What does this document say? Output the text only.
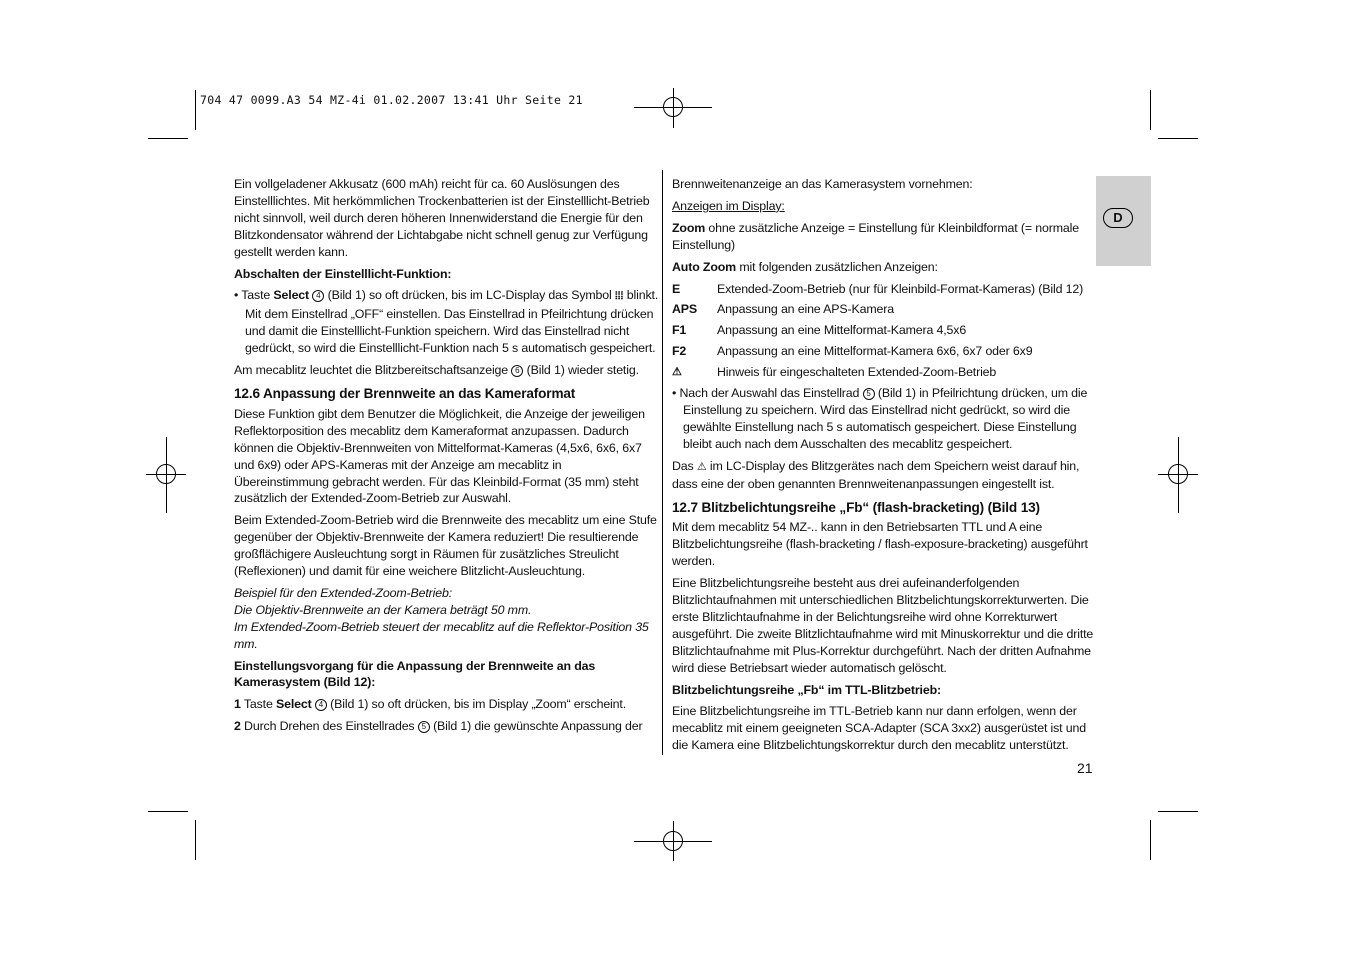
704 47 0099.A3 54 MZ-4i 01.02.2007 13:41 Uhr Seite 21
D

Ein vollgeladener Akkusatz (600 mAh) reicht für ca. 60 Auslösungen des Einstelllichtes. Mit herkömmlichen Trockenbatterien ist der Einstelllicht-Betrieb nicht sinnvoll, weil durch deren höheren Innenwiderstand die Energie für den Blitzkondensator während der Lichtabgabe nicht schnell genug zur Verfügung gestellt werden kann.

Abschalten der Einstelllicht-Funktion:

• Taste Select 4 (Bild 1) so oft drücken, bis im LC-Display das Symbol ⵂⵂⵂ blinkt. Mit dem Einstellrad „OFF“ einstellen. Das Einstellrad in Pfeilrichtung drücken und damit die Einstelllicht-Funktion speichern. Wird das Einstellrad nicht gedrückt, so wird die Einstelllicht-Funktion nach 5 s automatisch gespeichert.

Am mecablitz leuchtet die Blitzbereitschaftsanzeige 6 (Bild 1) wieder stetig.

12.6 Anpassung der Brennweite an das Kameraformat

Diese Funktion gibt dem Benutzer die Möglichkeit, die Anzeige der jeweiligen Reflektorposition des mecablitz dem Kameraformat anzupassen. Dadurch können die Objektiv-Brennweiten von Mittelformat-Kameras (4,5x6, 6x6, 6x7 und 6x9) oder APS-Kameras mit der Anzeige am mecablitz in Übereinstimmung gebracht werden. Für das Kleinbild-Format (35 mm) steht zusätzlich der Extended-Zoom-Betrieb zur Auswahl.

Beim Extended-Zoom-Betrieb wird die Brennweite des mecablitz um eine Stufe gegenüber der Objektiv-Brennweite der Kamera reduziert! Die resultierende großflächigere Ausleuchtung sorgt in Räumen für zusätzliches Streulicht (Reflexionen) und damit für eine weichere Blitzlicht-Ausleuchtung.

Beispiel für den Extended-Zoom-Betrieb:
Die Objektiv-Brennweite an der Kamera beträgt 50 mm.
Im Extended-Zoom-Betrieb steuert der mecablitz auf die Reflektor-Position 35 mm.

Einstellungsvorgang für die Anpassung der Brennweite an das Kamerasystem (Bild 12):

1 Taste Select 4 (Bild 1) so oft drücken, bis im Display „Zoom“ erscheint.

2 Durch Drehen des Einstellrades 5 (Bild 1) die gewünschte Anpassung der

Brennweitenanzeige an das Kamerasystem vornehmen:

Anzeigen im Display:

Zoom ohne zusätzliche Anzeige = Einstellung für Kleinbildformat (= normale Einstellung)

Auto Zoom mit folgenden zusätzlichen Anzeigen:

E	Extended-Zoom-Betrieb (nur für Kleinbild-Format-Kameras) (Bild 12)
APS	Anpassung an eine APS-Kamera
F1	Anpassung an eine Mittelformat-Kamera 4,5x6
F2	Anpassung an eine Mittelformat-Kamera 6x6, 6x7 oder 6x9
⚠	Hinweis für eingeschalteten Extended-Zoom-Betrieb

• Nach der Auswahl das Einstellrad 5 (Bild 1) in Pfeilrichtung drücken, um die Einstellung zu speichern. Wird das Einstellrad nicht gedrückt, so wird die gewählte Einstellung nach 5 s automatisch gespeichert. Diese Einstellung bleibt auch nach dem Ausschalten des mecablitz gespeichert.

Das ⚠ im LC-Display des Blitzgerätes nach dem Speichern weist darauf hin, dass eine der oben genannten Brennweitenanpassungen eingestellt ist.

12.7 Blitzbelichtungsreihe „Fb“ (flash-bracketing) (Bild 13)

Mit dem mecablitz 54 MZ-.. kann in den Betriebsarten TTL und A eine Blitzbelichtungsreihe (flash-bracketing / flash-exposure-bracketing) ausgeführt werden.

Eine Blitzbelichtungsreihe besteht aus drei aufeinanderfolgenden Blitzlichtaufnahmen mit unterschiedlichen Blitzbelichtungskorrekturwerten. Die erste Blitzlichtaufnahme in der Belichtungsreihe wird ohne Korrekturwert ausgeführt. Die zweite Blitzlichtaufnahme wird mit Minuskorrektur und die dritte Blitzlichtaufnahme mit Plus-Korrektur durchgeführt. Nach der dritten Aufnahme wird diese Betriebsart wieder automatisch gelöscht.

Blitzbelichtungsreihe „Fb“ im TTL-Blitzbetrieb:

Eine Blitzbelichtungsreihe im TTL-Betrieb kann nur dann erfolgen, wenn der mecablitz mit einem geeigneten SCA-Adapter (SCA 3xx2) ausgerüstet ist und die Kamera eine Blitzbelichtungskorrektur durch den mecablitz unterstützt.

21
